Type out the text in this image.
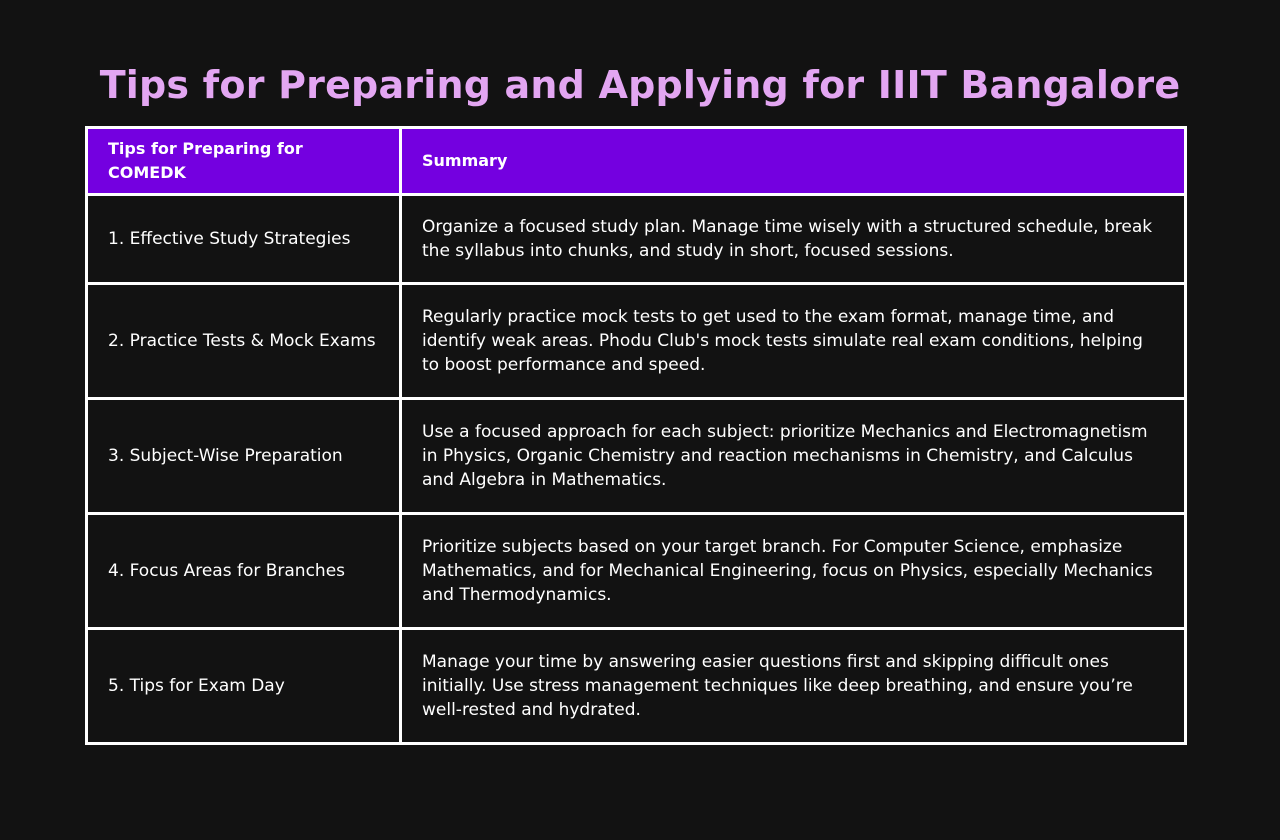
Tips for Preparing and Applying for IIIT Bangalore
Tips for Preparing for COMEDK	Summary
1. Effective Study Strategies	Organize a focused study plan. Manage time wisely with a structured schedule, break the syllabus into chunks, and study in short, focused sessions.
2. Practice Tests & Mock Exams	Regularly practice mock tests to get used to the exam format, manage time, and identify weak areas. Phodu Club's mock tests simulate real exam conditions, helping to boost performance and speed.
3. Subject-Wise Preparation	Use a focused approach for each subject: prioritize Mechanics and Electromagnetism in Physics, Organic Chemistry and reaction mechanisms in Chemistry, and Calculus and Algebra in Mathematics.
4. Focus Areas for Branches	Prioritize subjects based on your target branch. For Computer Science, emphasize Mathematics, and for Mechanical Engineering, focus on Physics, especially Mechanics and Thermodynamics.
5. Tips for Exam Day	Manage your time by answering easier questions first and skipping difficult ones initially. Use stress management techniques like deep breathing, and ensure you’re well-rested and hydrated.
